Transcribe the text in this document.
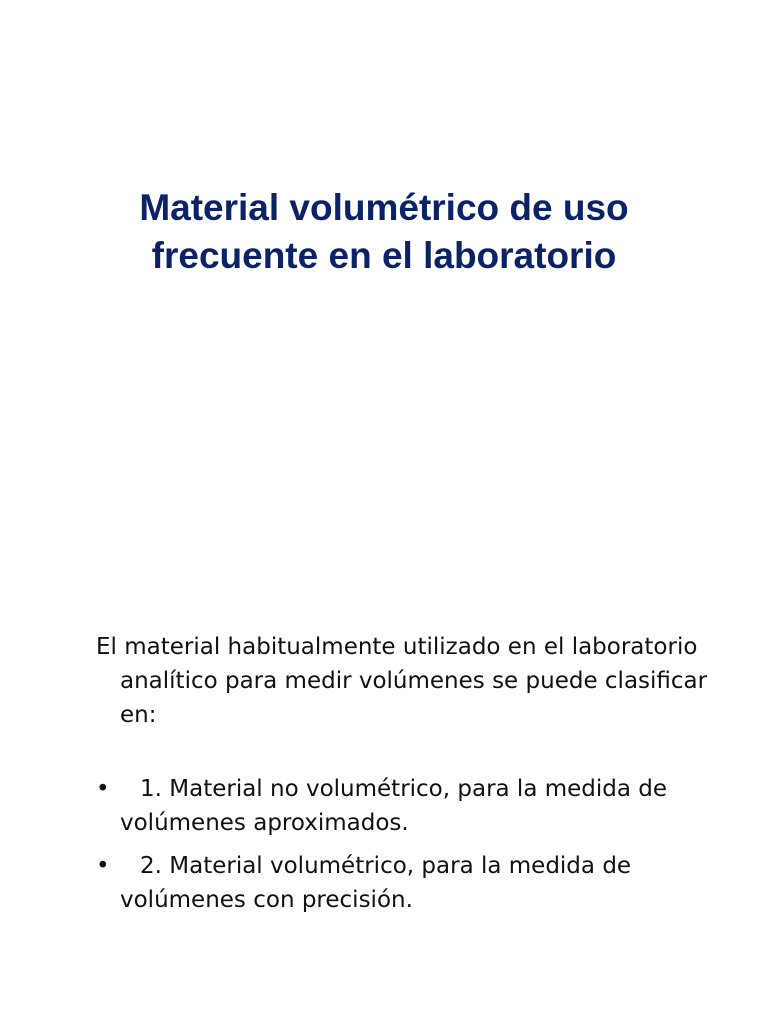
Material volumétrico de uso
frecuente en el laboratorio

El material habitualmente utilizado en el laboratorio analítico para medir volúmenes se puede clasificar en:

•	1. Material no volumétrico, para la medida de volúmenes aproximados.
•	2. Material volumétrico, para la medida de volúmenes con precisión.
